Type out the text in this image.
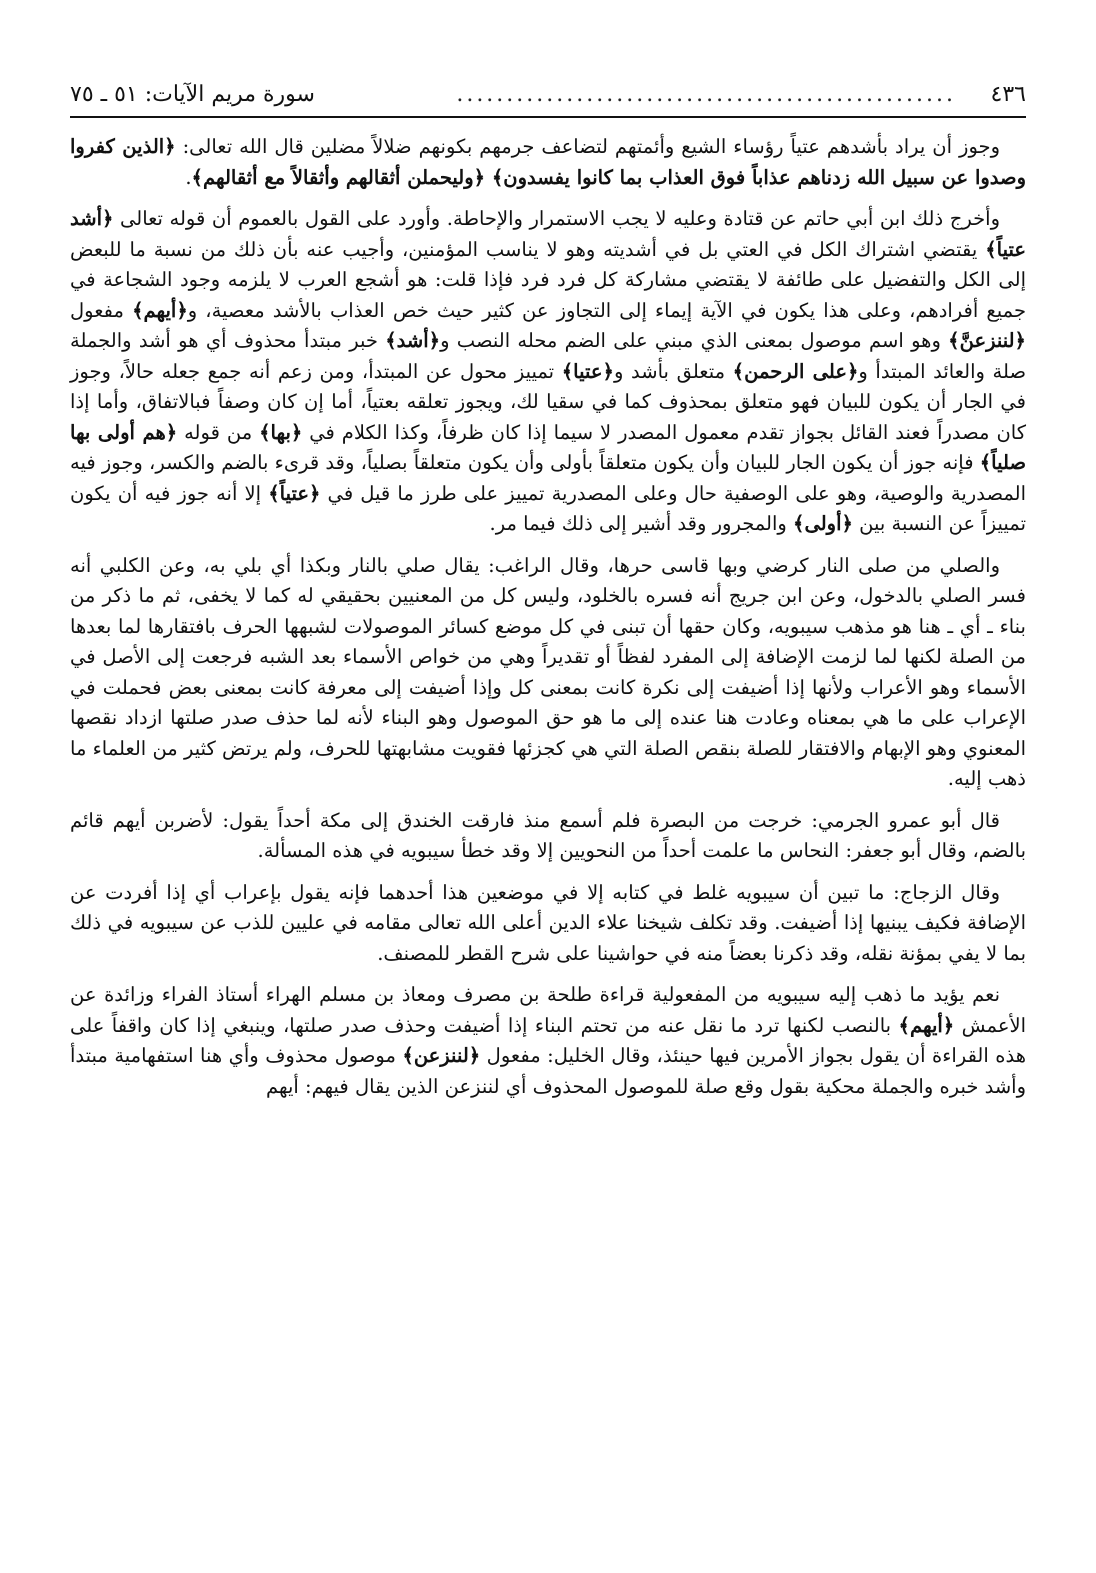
٤٣٦
..................................................
سورة مريم الآيات: ٥١ ـ ٧٥

وجوز أن يراد بأشدهم عتياً رؤساء الشيع وأئمتهم لتضاعف جرمهم بكونهم ضلالاً مضلين قال الله تعالى: ﴿الذين كفروا وصدوا عن سبيل الله زدناهم عذاباً فوق العذاب بما كانوا يفسدون﴾ ﴿وليحملن أثقالهم وأثقالاً مع أثقالهم﴾.

وأخرج ذلك ابن أبي حاتم عن قتادة وعليه لا يجب الاستمرار والإحاطة. وأورد على القول بالعموم أن قوله تعالى ﴿أشد عتياً﴾ يقتضي اشتراك الكل في العتي بل في أشديته وهو لا يناسب المؤمنين، وأجيب عنه بأن ذلك من نسبة ما للبعض إلى الكل والتفضيل على طائفة لا يقتضي مشاركة كل فرد فرد فإذا قلت: هو أشجع العرب لا يلزمه وجود الشجاعة في جميع أفرادهم، وعلى هذا يكون في الآية إيماء إلى التجاوز عن كثير حيث خص العذاب بالأشد معصية، و﴿أيهم﴾ مفعول ﴿لننزعنَّ﴾ وهو اسم موصول بمعنى الذي مبني على الضم محله النصب و﴿أشد﴾ خبر مبتدأ محذوف أي هو أشد والجملة صلة والعائد المبتدأ و﴿على الرحمن﴾ متعلق بأشد و﴿عتيا﴾ تمييز محول عن المبتدأ، ومن زعم أنه جمع جعله حالاً، وجوز في الجار أن يكون للبيان فهو متعلق بمحذوف كما في سقيا لك، ويجوز تعلقه بعتياً، أما إن كان وصفاً فبالاتفاق، وأما إذا كان مصدراً فعند القائل بجواز تقدم معمول المصدر لا سيما إذا كان ظرفاً، وكذا الكلام في ﴿بها﴾ من قوله ﴿هم أولى بها صلياً﴾ فإنه جوز أن يكون الجار للبيان وأن يكون متعلقاً بأولى وأن يكون متعلقاً بصلياً، وقد قرىء بالضم والكسر، وجوز فيه المصدرية والوصية، وهو على الوصفية حال وعلى المصدرية تمييز على طرز ما قيل في ﴿عتياً﴾ إلا أنه جوز فيه أن يكون تمييزاً عن النسبة بين ﴿أولى﴾ والمجرور وقد أشير إلى ذلك فيما مر.

والصلي من صلى النار كرضي وبها قاسى حرها، وقال الراغب: يقال صلي بالنار وبكذا أي بلي به، وعن الكلبي أنه فسر الصلي بالدخول، وعن ابن جريج أنه فسره بالخلود، وليس كل من المعنيين بحقيقي له كما لا يخفى، ثم ما ذكر من بناء ـ أي ـ هنا هو مذهب سيبويه، وكان حقها أن تبنى في كل موضع كسائر الموصولات لشبهها الحرف بافتقارها لما بعدها من الصلة لكنها لما لزمت الإضافة إلى المفرد لفظاً أو تقديراً وهي من خواص الأسماء بعد الشبه فرجعت إلى الأصل في الأسماء وهو الأعراب ولأنها إذا أضيفت إلى نكرة كانت بمعنى كل وإذا أضيفت إلى معرفة كانت بمعنى بعض فحملت في الإعراب على ما هي بمعناه وعادت هنا عنده إلى ما هو حق الموصول وهو البناء لأنه لما حذف صدر صلتها ازداد نقصها المعنوي وهو الإبهام والافتقار للصلة بنقص الصلة التي هي كجزئها فقويت مشابهتها للحرف، ولم يرتض كثير من العلماء ما ذهب إليه.

قال أبو عمرو الجرمي: خرجت من البصرة فلم أسمع منذ فارقت الخندق إلى مكة أحداً يقول: لأضربن أيهم قائم بالضم، وقال أبو جعفر: النحاس ما علمت أحداً من النحويين إلا وقد خطأ سيبويه في هذه المسألة.

وقال الزجاج: ما تبين أن سيبويه غلط في كتابه إلا في موضعين هذا أحدهما فإنه يقول بإعراب أي إذا أفردت عن الإضافة فكيف يبنيها إذا أضيفت. وقد تكلف شيخنا علاء الدين أعلى الله تعالى مقامه في عليين للذب عن سيبويه في ذلك بما لا يفي بمؤنة نقله، وقد ذكرنا بعضاً منه في حواشينا على شرح القطر للمصنف.

نعم يؤيد ما ذهب إليه سيبويه من المفعولية قراءة طلحة بن مصرف ومعاذ بن مسلم الهراء أستاذ الفراء وزائدة عن الأعمش ﴿أيهم﴾ بالنصب لكنها ترد ما نقل عنه من تحتم البناء إذا أضيفت وحذف صدر صلتها، وينبغي إذا كان واقفاً على هذه القراءة أن يقول بجواز الأمرين فيها حينئذ، وقال الخليل: مفعول ﴿لننزعن﴾ موصول محذوف وأي هنا استفهامية مبتدأ وأشد خبره والجملة محكية بقول وقع صلة للموصول المحذوف أي لننزعن الذين يقال فيهم: أيهم
